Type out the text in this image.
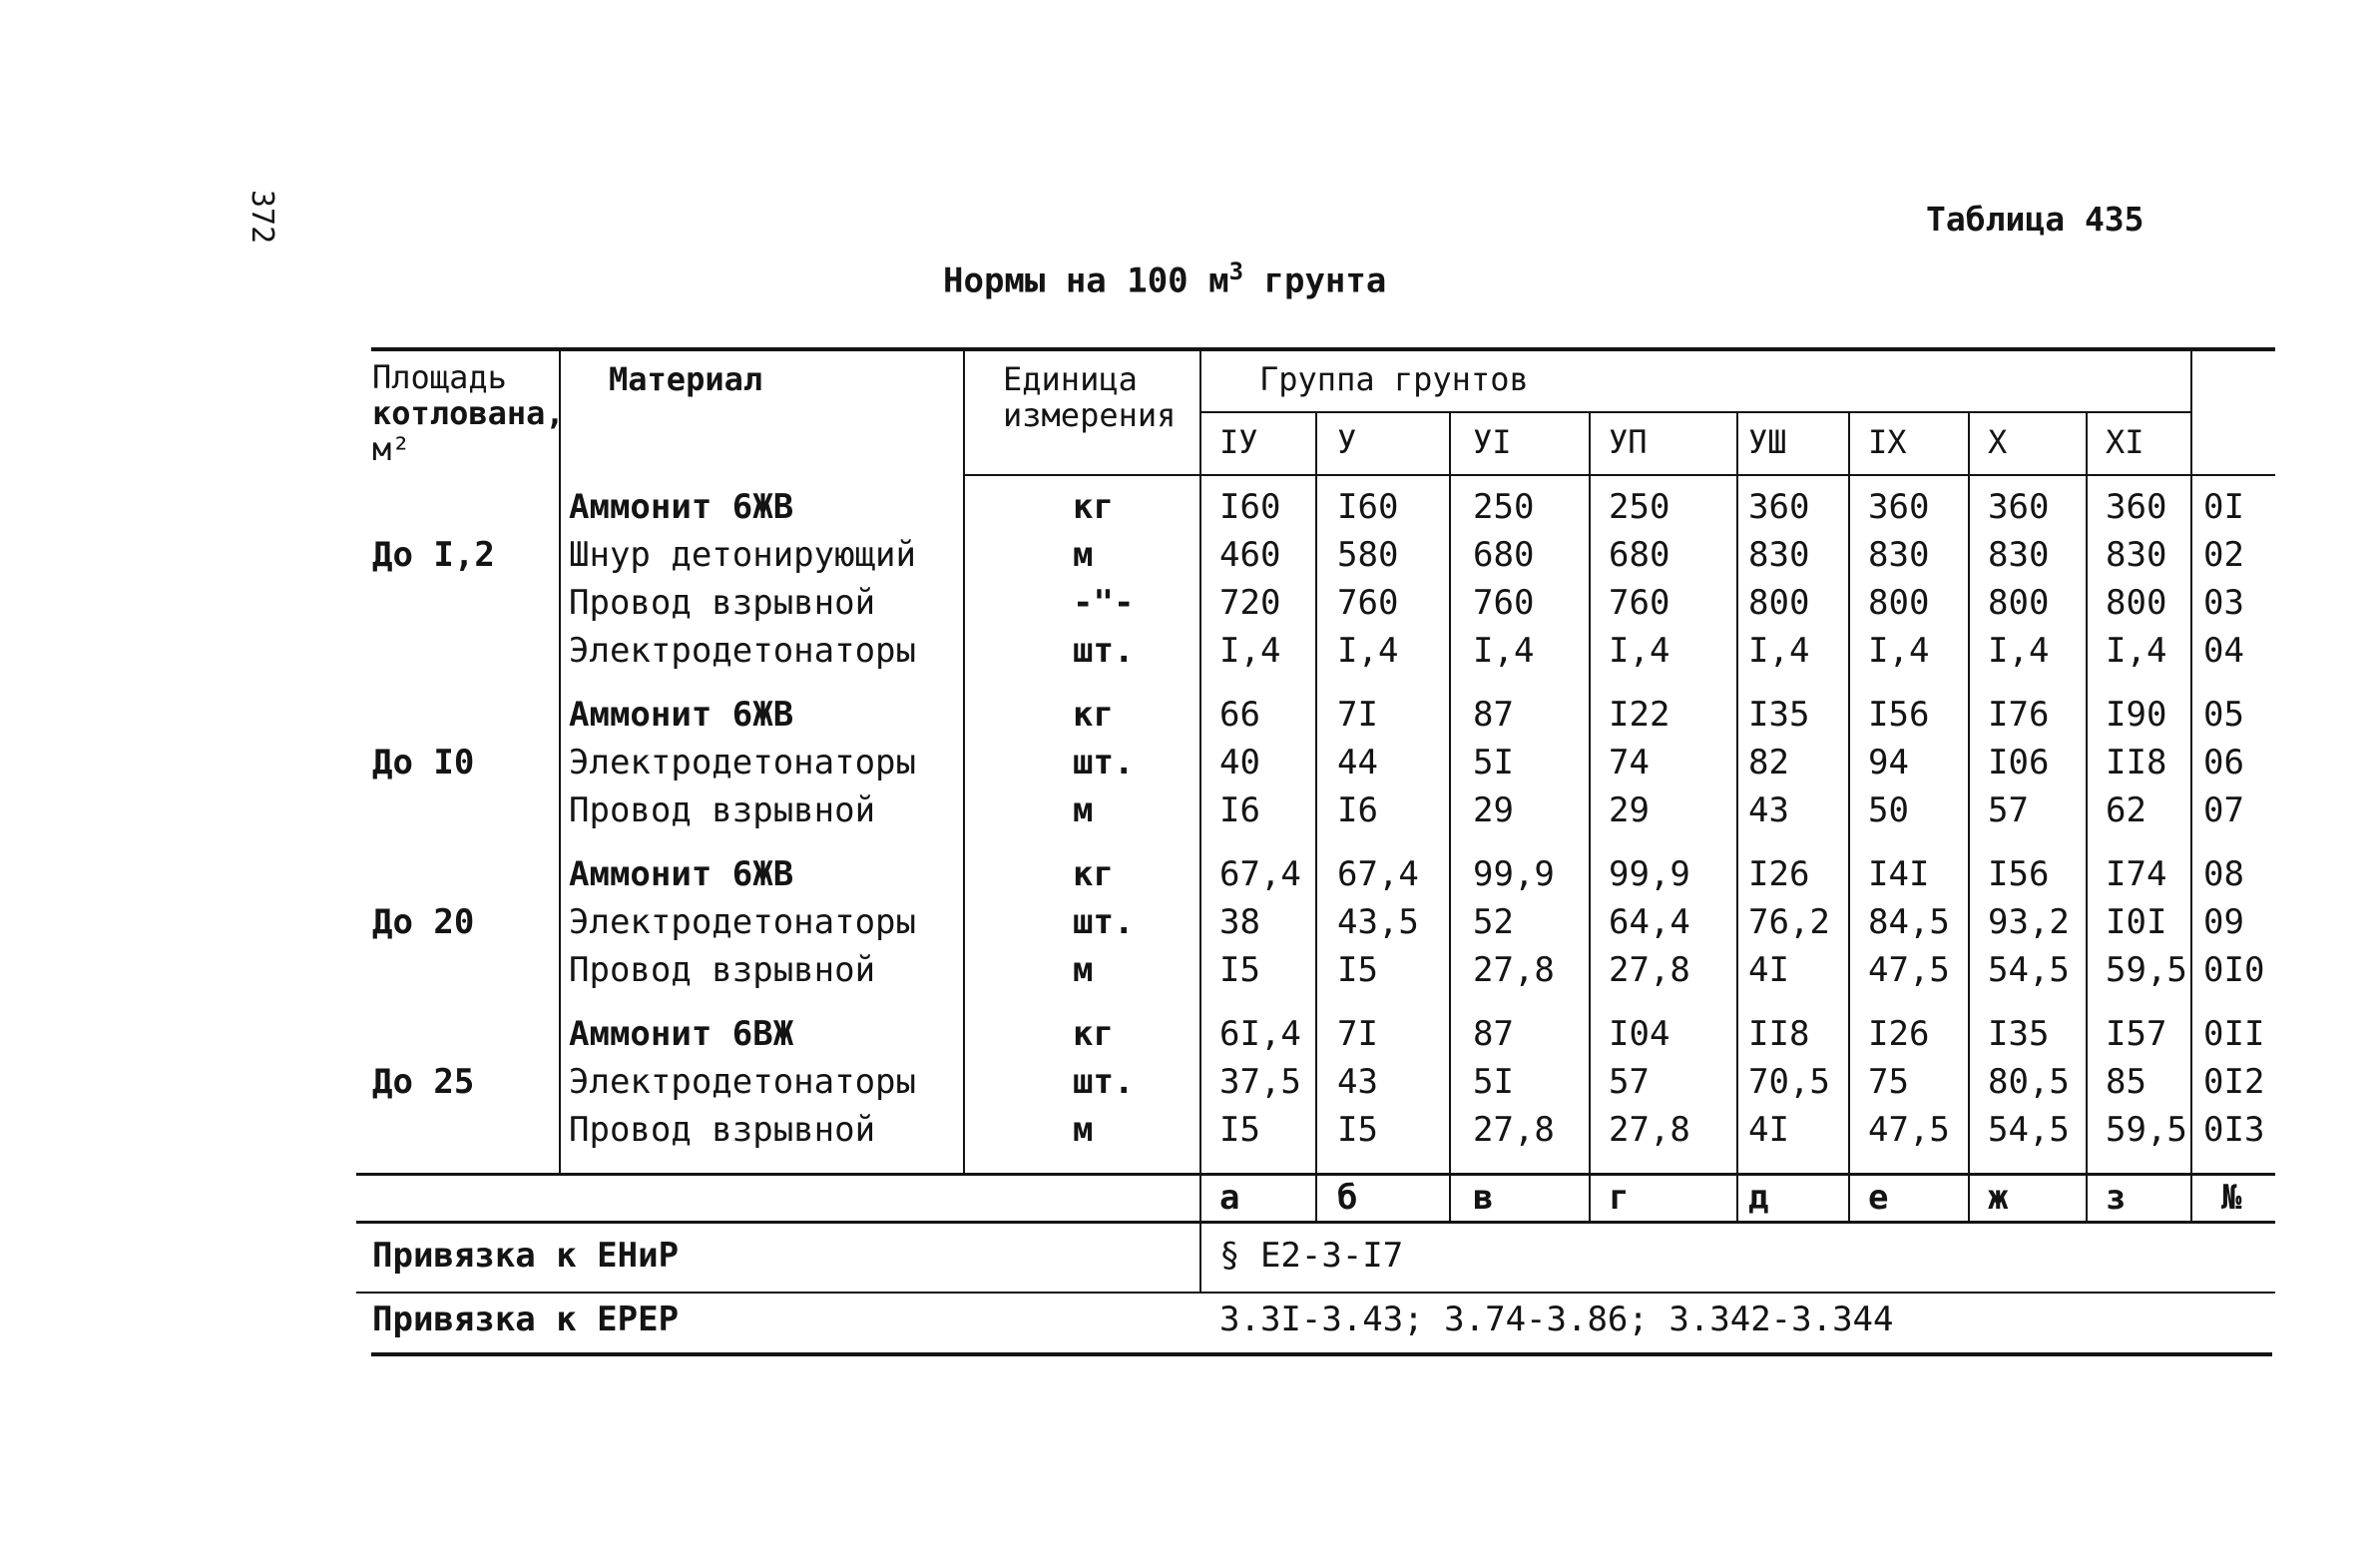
372	Таблица 435
Нормы на 100 $м^3$ грунта
Площадь
котлована,
м²
Материал	Единица
измерения
Группа грунтов
IУ У	УI	УП	УШ	IX	X	XI
До I,2
Аммонит 6ЖВ	кг	I60 I60 250 250 360 360 360 360 0I
Шнур детонирующий	м	460 580 680 680 830 830 830 830 02
Провод взрывной	-"-	720 760 760 760 800 800 800 800 03
Электродетонаторы	шт.	I,4 I,4 I,4 I,4 I,4 I,4 I,4 I,4 04
До I0
Аммонит 6ЖВ	кг	66 7I	87	I22 I35 I56 I76 I90 05
Электродетонаторы	шт.	40 44	5I	74	82 94 I06 II8 06
Провод взрывной	м	I6 I6	29	29	43 50 57 62 07
До 20
Аммонит 6ЖВ	кг	67,4 67,4 99,9 99,9 I26 I4I I56 I74 08
Электродетонаторы	шт.	38 43,5 52	64,4 76,2 84,5 93,2 I0I 09
Провод взрывной	м	I5 I5	27,8 27,8 4I 47,5 54,5 59,5 0I0
До 25
Аммонит 6ВЖ	кг	6I,4 7I	87	I04 II8 I26 I35 I57 0II
Электродетонаторы	шт.	37,5 43	5I	57	70,5 75 80,5 85 0I2
Провод взрывной	м	I5 I5	27,8 27,8 4I 47,5 54,5 59,5 0I3
а	б	в	г	д	е	ж	з	№
Привязка к ЕНиР	§ Е2-3-I7
Привязка к ЕРЕР	3.3I-3.43; 3.74-3.86; 3.342-3.344
